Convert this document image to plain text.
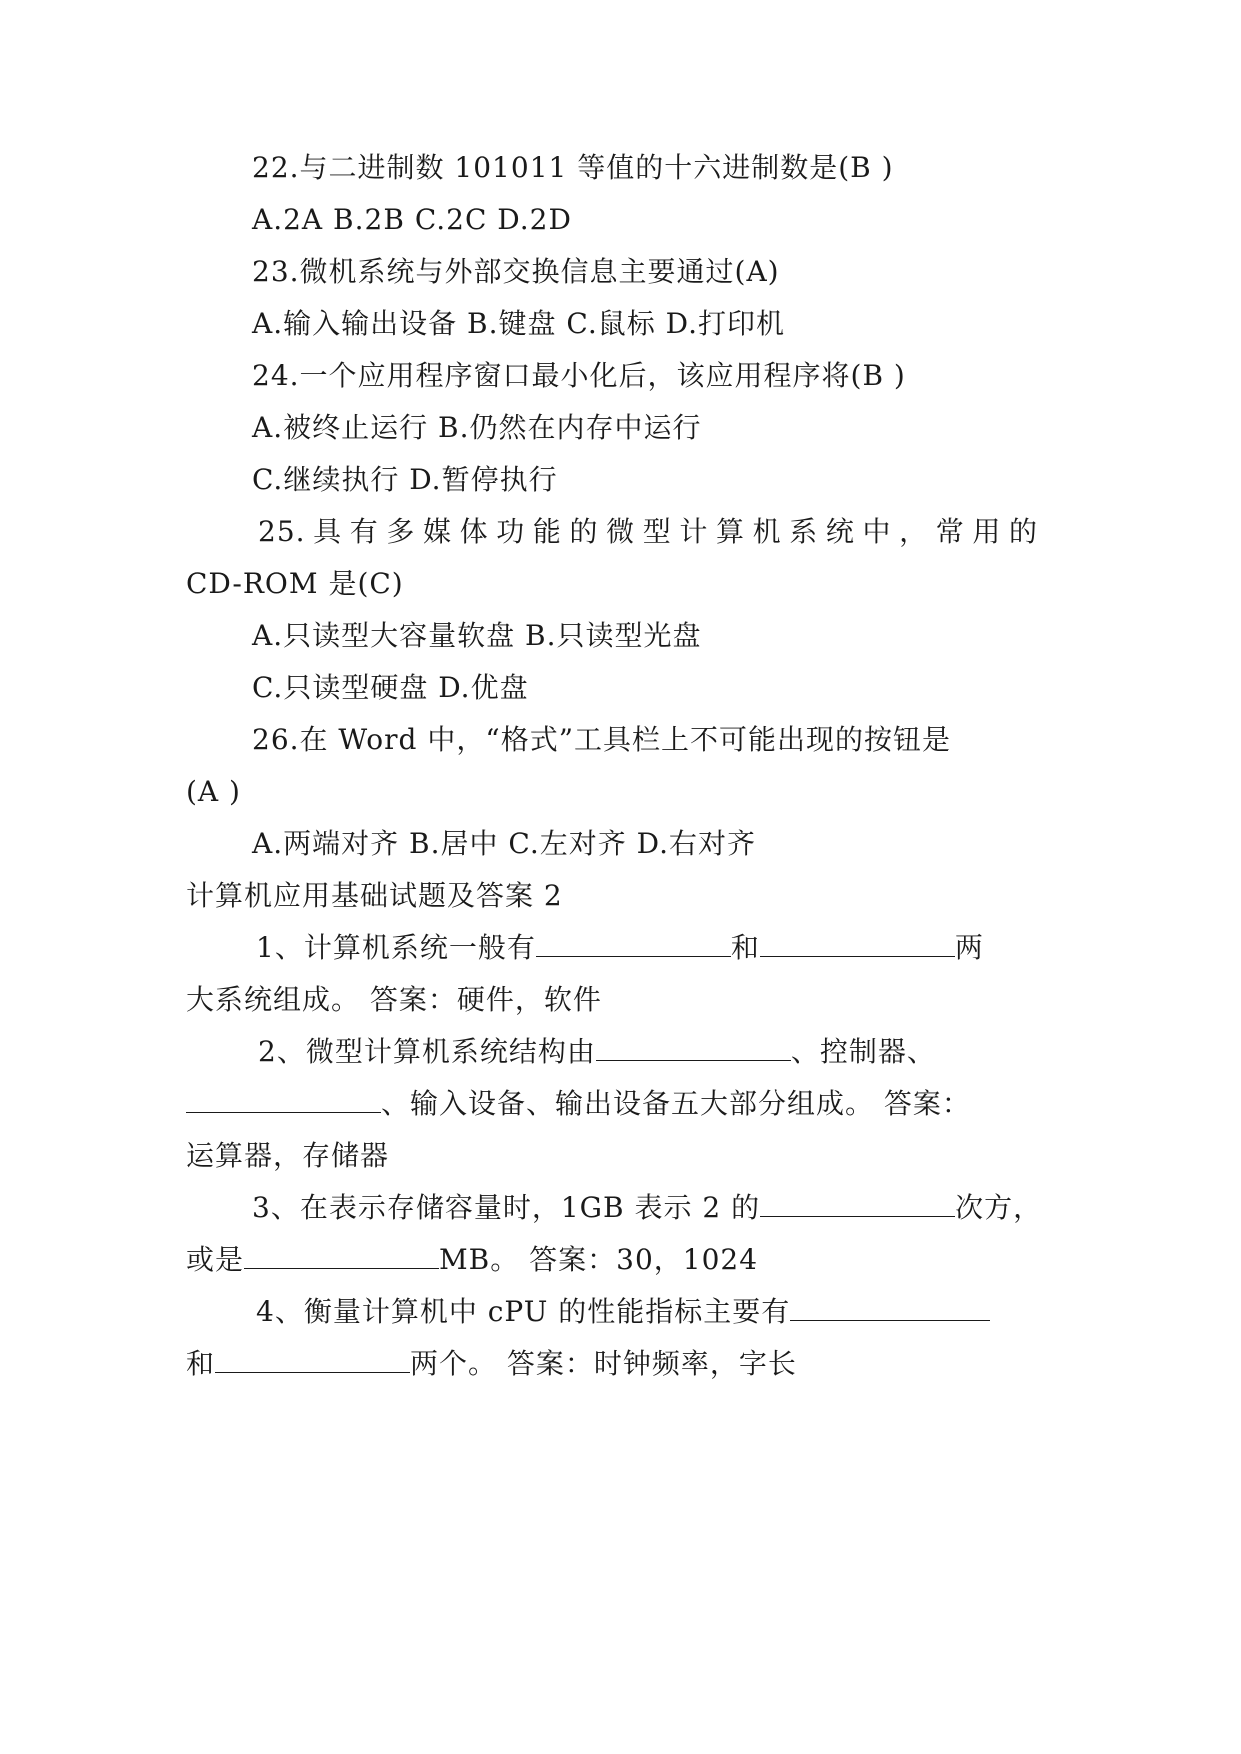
22.与二进制数 101011 等值的十六进制数是(B )
A.2A B.2B C.2C D.2D
23.微机系统与外部交换信息主要通过(A)
A.输入输出设备 B.键盘 C.鼠标 D.打印机
24.一个应用程序窗口最小化后，该应用程序将(B )
A.被终止运行 B.仍然在内存中运行
C.继续执行 D.暂停执行
25.具有多媒体功能的微型计算机系统中，常用的
CD-ROM 是(C)
A.只读型大容量软盘 B.只读型光盘
C.只读型硬盘 D.优盘
26.在 Word 中，“格式”工具栏上不可能出现的按钮是
(A )
A.两端对齐 B.居中 C.左对齐 D.右对齐
计算机应用基础试题及答案 2
1、计算机系统一般有	和	两
大系统组成。 答案：硬件，软件
2、微型计算机系统结构由	、控制器、
、输入设备、输出设备五大部分组成。 答案：
运算器，存储器
3、在表示存储容量时，1GB 表示 2 的	次方，
或是	MB。 答案：30，1024
4、衡量计算机中 cPU 的性能指标主要有
和	两个。 答案：时钟频率，字长
